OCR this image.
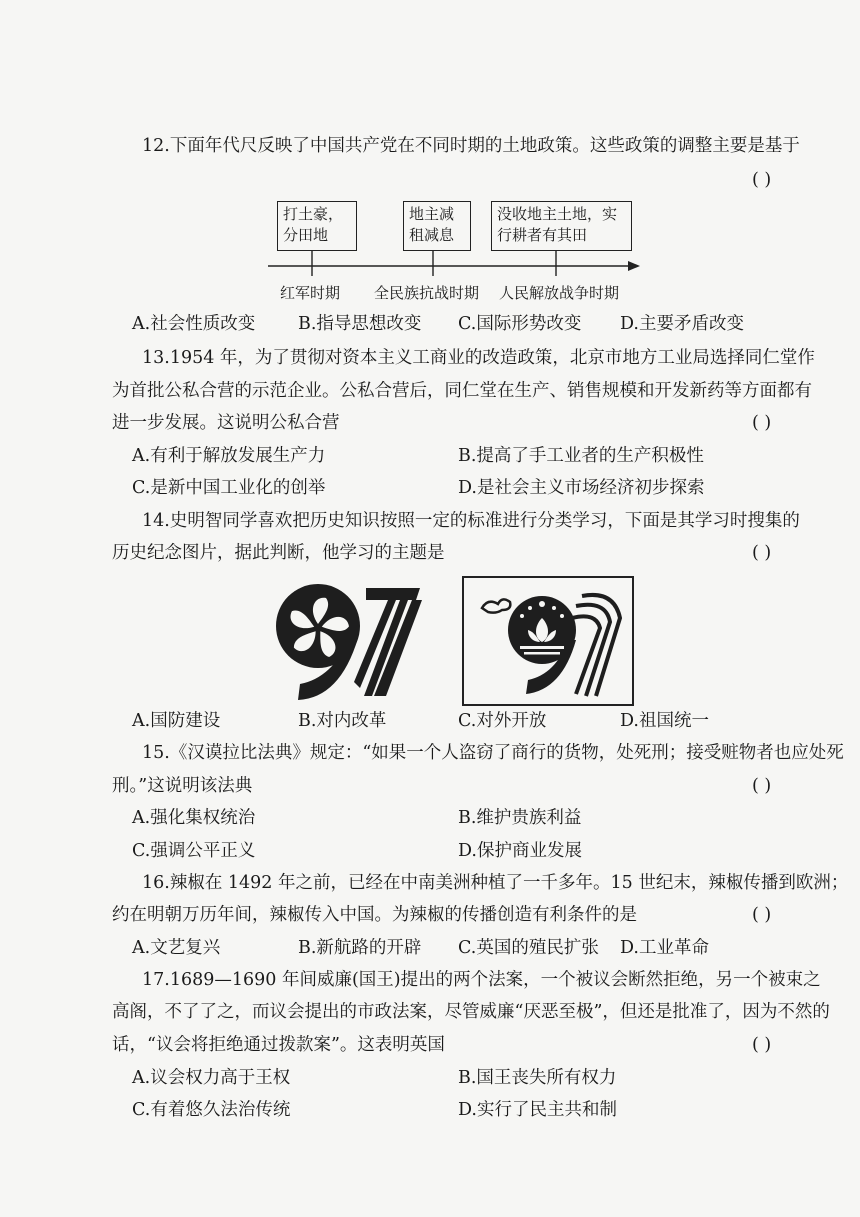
12.下面年代尺反映了中国共产党在不同时期的土地政策。这些政策的调整主要是基于
( )
打土豪，
分田地
地主减
租减息
没收地主土地，实
行耕者有其田
红军时期 全民族抗战时期 人民解放战争时期
A.社会性质改变 B.指导思想改变 C.国际形势改变 D.主要矛盾改变
13.1954 年，为了贯彻对资本主义工商业的改造政策，北京市地方工业局选择同仁堂作
为首批公私合营的示范企业。公私合营后，同仁堂在生产、销售规模和开发新药等方面都有
进一步发展。这说明公私合营	( )
A.有利于解放发展生产力	B.提高了手工业者的生产积极性
C.是新中国工业化的创举	D.是社会主义市场经济初步探索
14.史明智同学喜欢把历史知识按照一定的标准进行分类学习，下面是其学习时搜集的
历史纪念图片，据此判断，他学习的主题是	( )
A.国防建设	B.对内改革	C.对外开放	D.祖国统一
15.《汉谟拉比法典》规定：“如果一个人盗窃了商行的货物，处死刑；接受赃物者也应处死
刑。”这说明该法典	( )
A.强化集权统治	B.维护贵族利益
C.强调公平正义	D.保护商业发展
16.辣椒在 1492 年之前，已经在中南美洲种植了一千多年。15 世纪末，辣椒传播到欧洲；
约在明朝万历年间，辣椒传入中国。为辣椒的传播创造有利条件的是	( )
A.文艺复兴	B.新航路的开辟 C.英国的殖民扩张 D.工业革命
17.1689—1690 年间威廉(国王)提出的两个法案，一个被议会断然拒绝，另一个被束之
高阁，不了了之，而议会提出的市政法案，尽管威廉“厌恶至极”，但还是批准了，因为不然的
话，“议会将拒绝通过拨款案”。这表明英国	( )
A.议会权力高于王权	B.国王丧失所有权力
C.有着悠久法治传统	D.实行了民主共和制
